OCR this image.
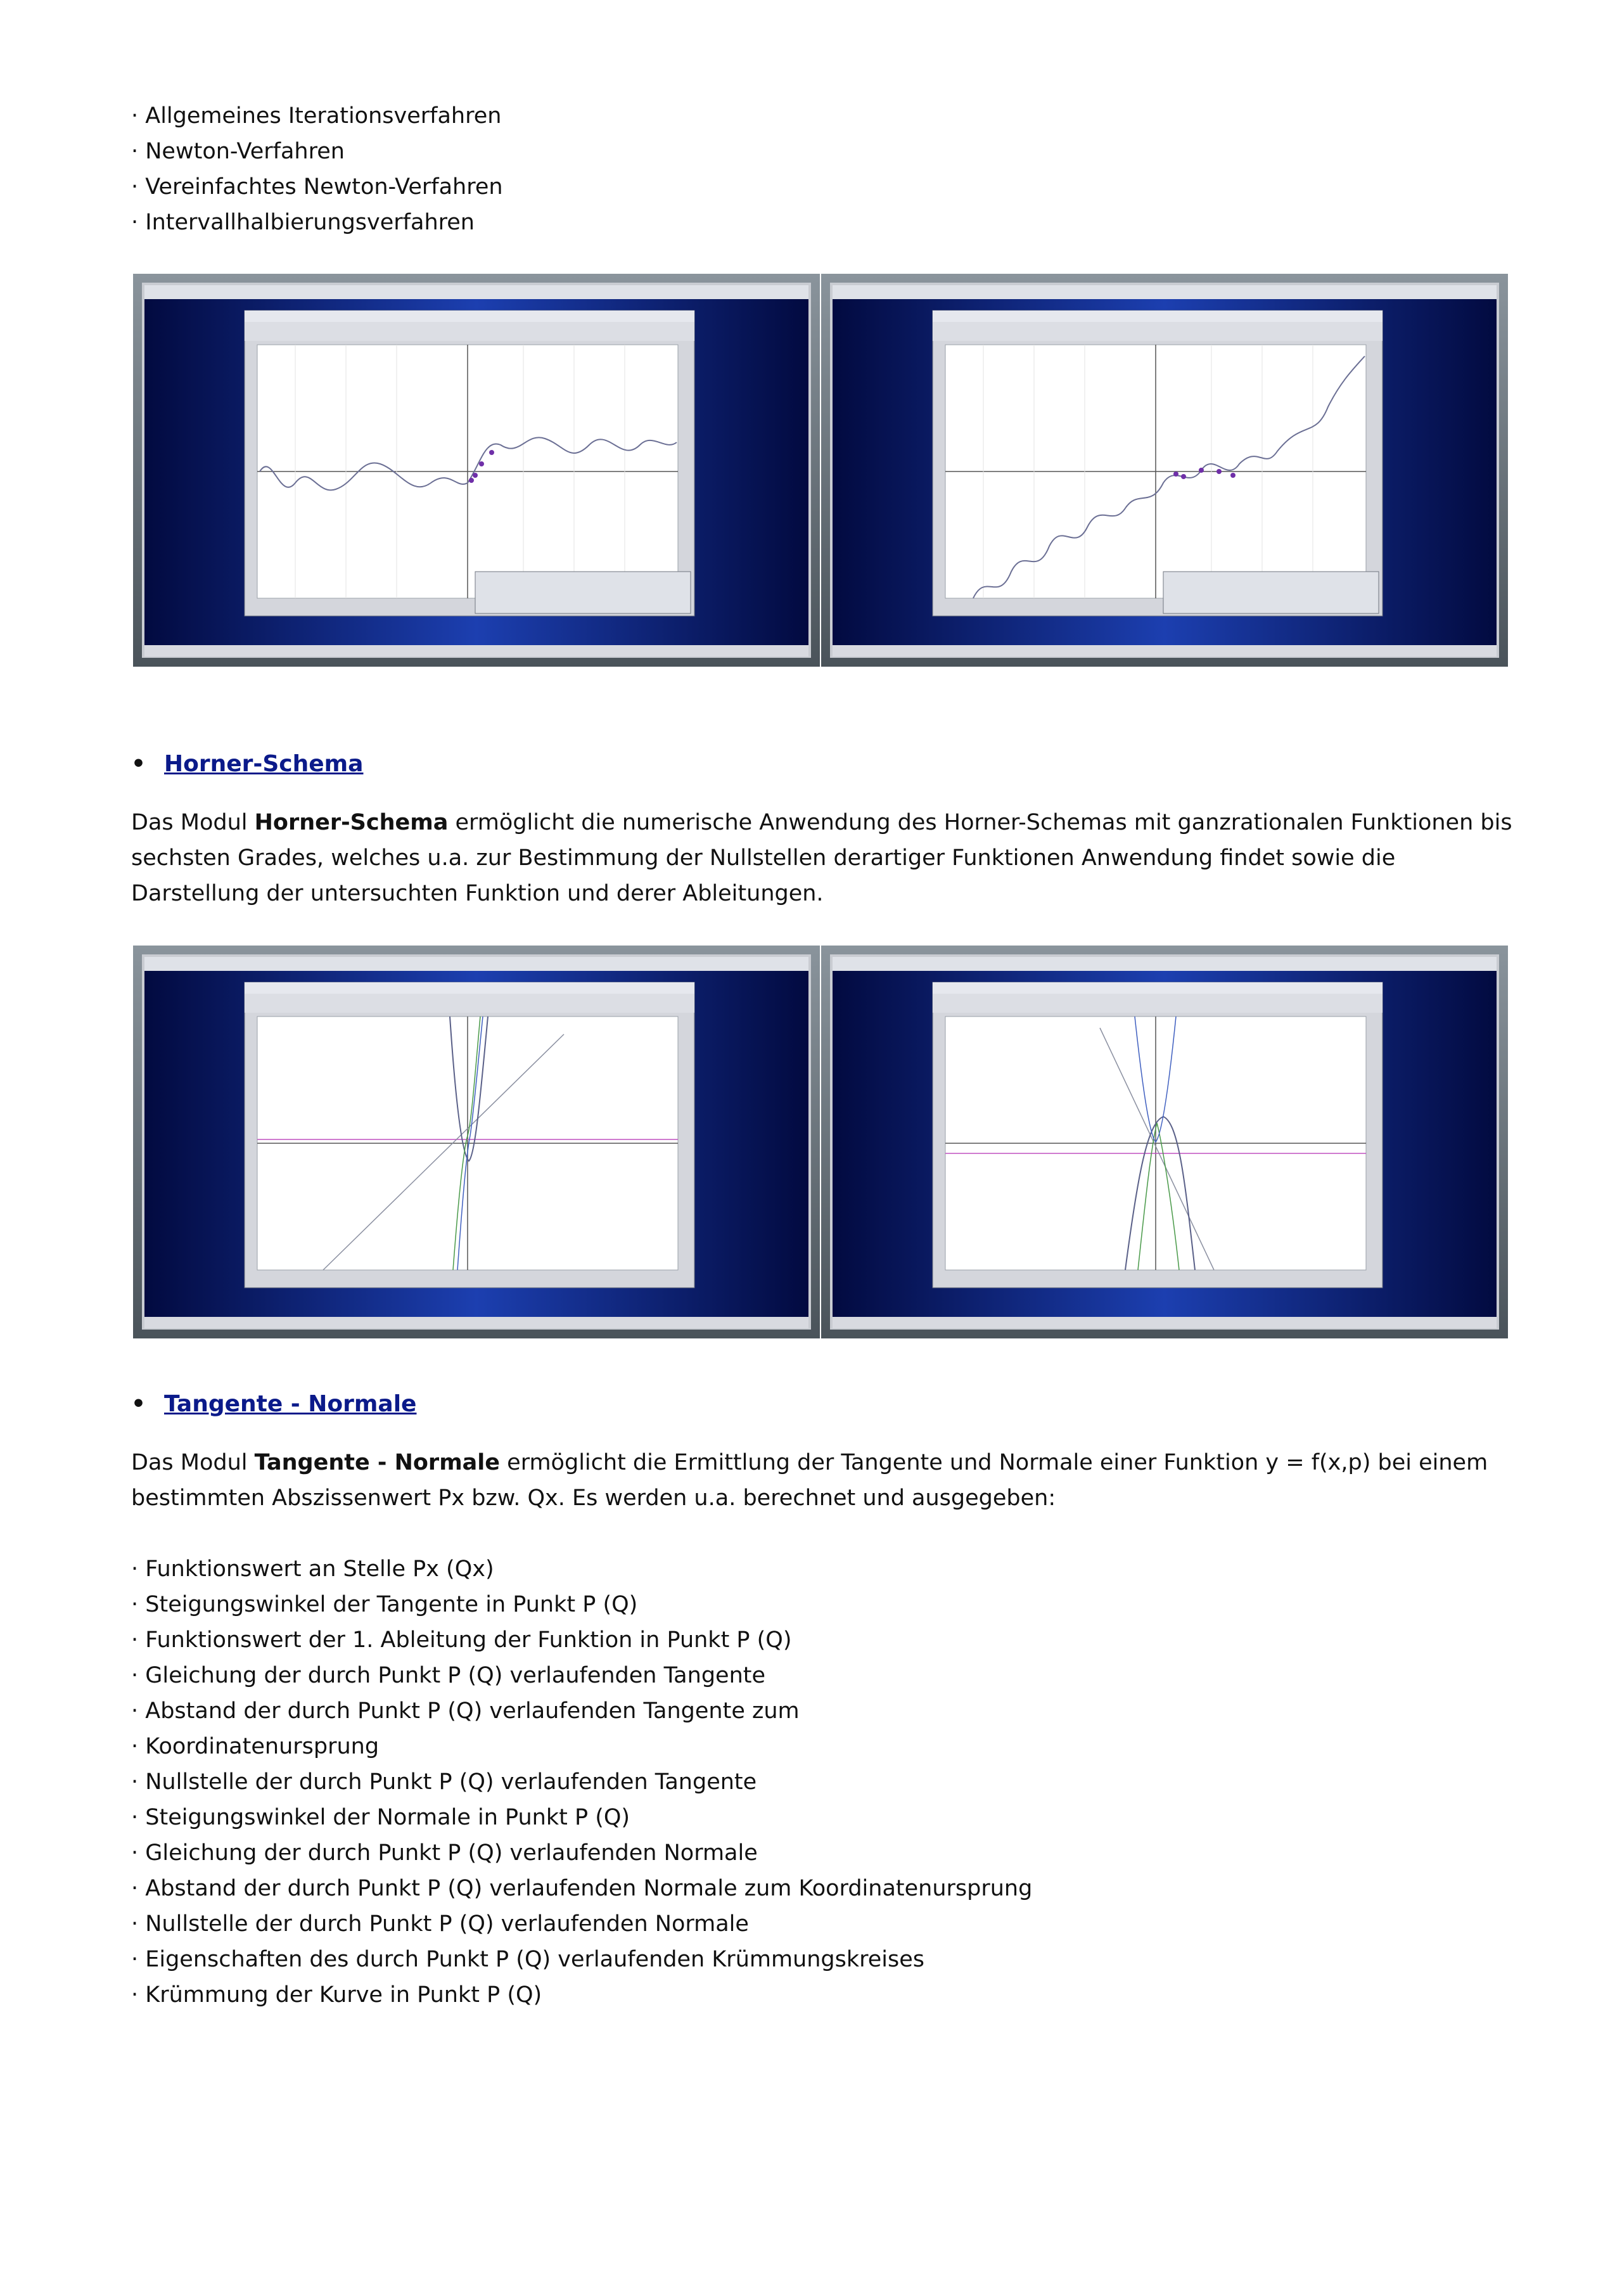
· Allgemeines Iterationsverfahren
· Newton-Verfahren
· Vereinfachtes Newton-Verfahren
· Intervallhalbierungsverfahren
• Horner-Schema
Das Modul Horner-Schema ermöglicht die numerische Anwendung des Horner-Schemas mit ganzrationalen Funktionen bis sechsten Grades, welches u.a. zur Bestimmung der Nullstellen derartiger Funktionen Anwendung findet sowie die Darstellung der untersuchten Funktion und derer Ableitungen.
• Tangente - Normale
Das Modul Tangente - Normale ermöglicht die Ermittlung der Tangente und Normale einer Funktion y = f(x,p) bei einem bestimmten Abszissenwert Px bzw. Qx. Es werden u.a. berechnet und ausgegeben:
· Funktionswert an Stelle Px (Qx)
· Steigungswinkel der Tangente in Punkt P (Q)
· Funktionswert der 1. Ableitung der Funktion in Punkt P (Q)
· Gleichung der durch Punkt P (Q) verlaufenden Tangente
· Abstand der durch Punkt P (Q) verlaufenden Tangente zum
· Koordinatenursprung
· Nullstelle der durch Punkt P (Q) verlaufenden Tangente
· Steigungswinkel der Normale in Punkt P (Q)
· Gleichung der durch Punkt P (Q) verlaufenden Normale
· Abstand der durch Punkt P (Q) verlaufenden Normale zum Koordinatenursprung
· Nullstelle der durch Punkt P (Q) verlaufenden Normale
· Eigenschaften des durch Punkt P (Q) verlaufenden Krümmungskreises
· Krümmung der Kurve in Punkt P (Q)
